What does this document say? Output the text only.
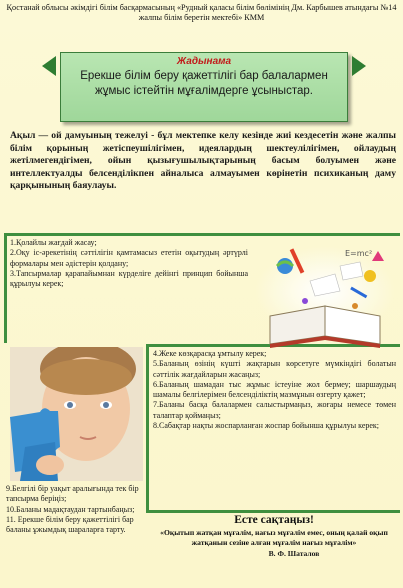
Қостанай облысы әкімдігі білім басқармасының «Рудный қаласы білім бөлімінің Дм. Карбышев атындағы №14 жалпы білім беретін мектебі» КММ
Жадынама
Ерекше білім беру қажеттілігі бар балалармен жұмыс істейтін мұғалімдерге ұсыныстар.
Ақыл — ой дамуының тежелуі - бұл мектепке келу кезінде жиі кездесетін және жалпы білім қорының жетіспеушілігімен, идеялардың шектеулілігімен, ойлаудың жетілмегендігімен, ойын қызығушылықтарының басым болуымен және интеллектуалды белсенділікпен айналыса алмауымен көрінетін психиканың даму қарқынының баяулауы.
1.Қолайлы жағдай жасау;
2.Оқу іс-әрекетінің сәттілігін қамтамасыз ететін оқытудың әртүрлі формалары мен әдістерін қолдану;
3.Тапсырмалар қарапайымнан күрделіге дейінгі принцип бойынша құрылуы керек;
E=mc²
4.Жеке көзқарасқа ұмтылу керек;
5.Баланың өзінің күшті жақтарын көрсетуге мүмкіндігі болатын сәттілік жағдайларын жасаңыз;
6.Баланың шамадан тыс жұмыс істеуіне жол бермеу; шаршаудың шамалы белгілерімен белсенділіктің мазмұнын өзгерту қажет;
7.Баланы басқа балалармен салыстырмаңыз, жоғары немесе төмен талаптар қоймаңыз;
8.Сабақтар нақты жоспарланған жоспар бойынша құрылуы керек;
9.Белгілі бір уақыт аралығында тек бір тапсырма беріңіз;
10.Баланы мадақтаудан тартынбаңыз;
11. Ерекше білім беру қажеттілігі бар баланы ұжымдық шараларға тарту.
Есте сақтаңыз!
«Оқытып жатқан мұғалім, нағыз мұғалім емес, оның қалай оқып жатқанын сезіне алған мұғалім нағыз мұғалім»
В. Ф. Шаталов
